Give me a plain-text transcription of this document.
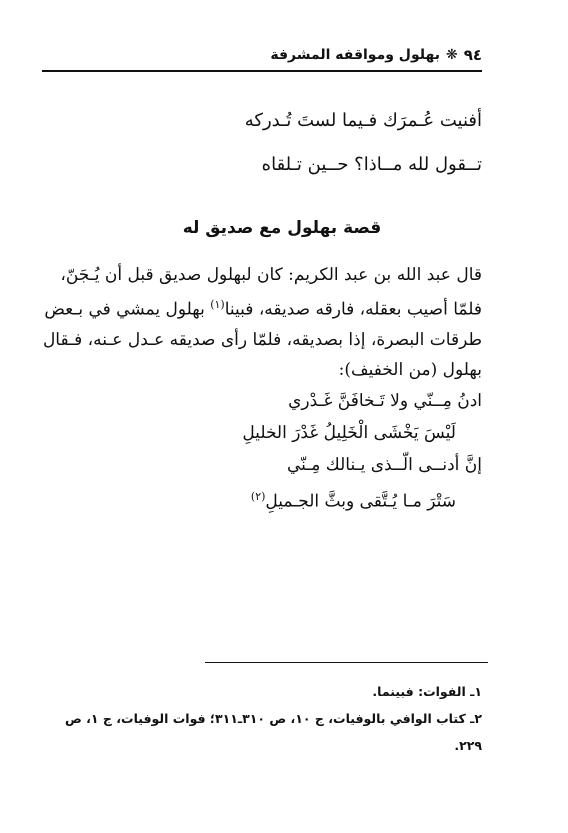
٩٤
❋
بهلول ومواقفه المشرفة

أفنيت عُـمرَك فـيما لستَ تُـدركه

تــقول لله مــاذا؟ حــين تـلقاه

قصة بهلول مع صديق له

قال عبد الله بن عبد الكريم: كان لبهلول صديق قبل أن يُـجَنّ،

فلمّا أصيب بعقله، فارقه صديقه، فبينا$^{(١)}$ بهلول يمشي في بـعض

طرقات البصرة، إذا بصديقه، فلمّا رأى صديقه عـدل عـنه، فـقال

بهلول (من الخفيف):

ادنُ مِــنّي ولا تَـخافَنَّ غَـدْري

لَيْسَ يَخْشَى الْخَلِيلُ غَدْرَ الخليلِ

إنَّ أدنــى الّــذى يـنالك مِـنّي

سَتْرَ مـا يُـتَّقى وبثَّ الجـميلِ$^{(٢)}$

١ـ الفوات: فبينما.

٢ـ كتاب الوافي بالوفيات، ج ١٠، ص ٣١٠ـ٣١١؛ فوات الوفيات، ج ١، ص

٢٢٩.
